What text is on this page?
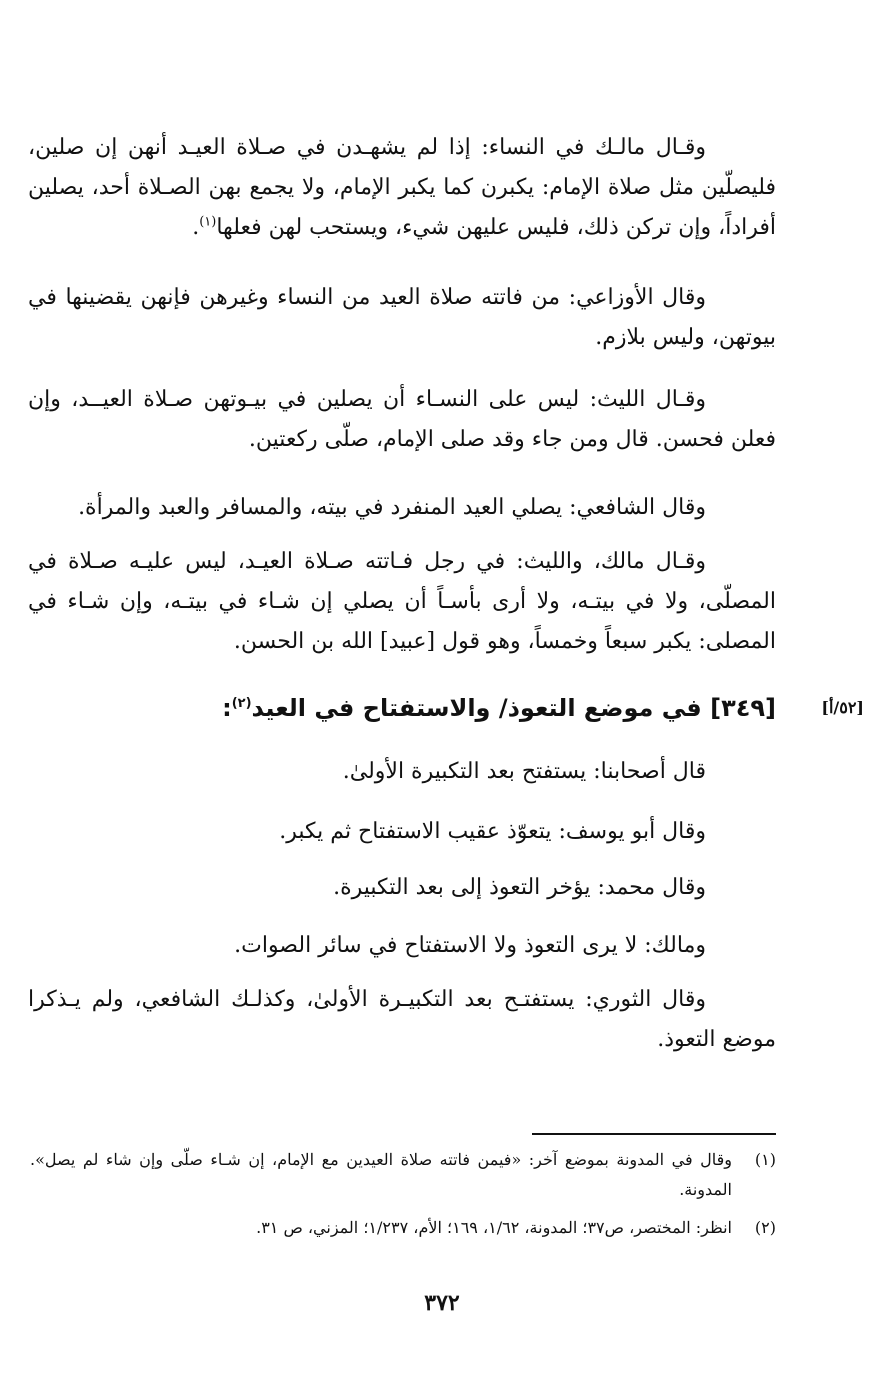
وقـال مالـك في النساء: إذا لم يشهـدن في صـلاة العيـد أنهن إن صلين، فليصلّين مثل صلاة الإمام: يكبرن كما يكبر الإمام، ولا يجمع بهن الصـلاة أحد، يصلين أفراداً، وإن تركن ذلك، فليس عليهن شيء، ويستحب لهن فعلها$^{(١)}$.

وقال الأوزاعي: من فاتته صلاة العيد من النساء وغيرهن فإنهن يقضينها في بيوتهن، وليس بلازم.

وقـال الليث: ليس على النسـاء أن يصلين في بيـوتهن صـلاة العيــد، وإن فعلن فحسن. قال ومن جاء وقد صلى الإمام، صلّى ركعتين.

وقال الشافعي: يصلي العيد المنفرد في بيته، والمسافر والعبد والمرأة.

وقـال مالك، والليث: في رجل فـاتته صـلاة العيـد، ليس عليـه صـلاة في المصلّى، ولا في بيتـه، ولا أرى بأسـاً أن يصلي إن شـاء في بيتـه، وإن شـاء في المصلى: يكبر سبعاً وخمساً، وهو قول [عبيد] الله بن الحسن.

[٥٢/أ]
[٣٤٩] في موضع التعوذ/ والاستفتاح في العيد$^{(٢)}$:

قال أصحابنا: يستفتح بعد التكبيرة الأولىٰ.

وقال أبو يوسف: يتعوّذ عقيب الاستفتاح ثم يكبر.

وقال محمد: يؤخر التعوذ إلى بعد التكبيرة.

ومالك: لا يرى التعوذ ولا الاستفتاح في سائر الصوات.

وقال الثوري: يستفتـح بعد التكبيـرة الأولىٰ، وكذلـك الشافعي، ولم يـذكرا موضع التعوذ.

(١)
وقال في المدونة بموضع آخر: «فيمن فاتته صلاة العيدين مع الإمام، إن شـاء صلّى وإن شاء لم يصل». المدونة.
(٢)
انظر: المختصر، ص٣٧؛ المدونة، ١/٦٢، ١٦٩؛ الأم، ١/٢٣٧؛ المزني، ص ٣١.
٣٧٢
